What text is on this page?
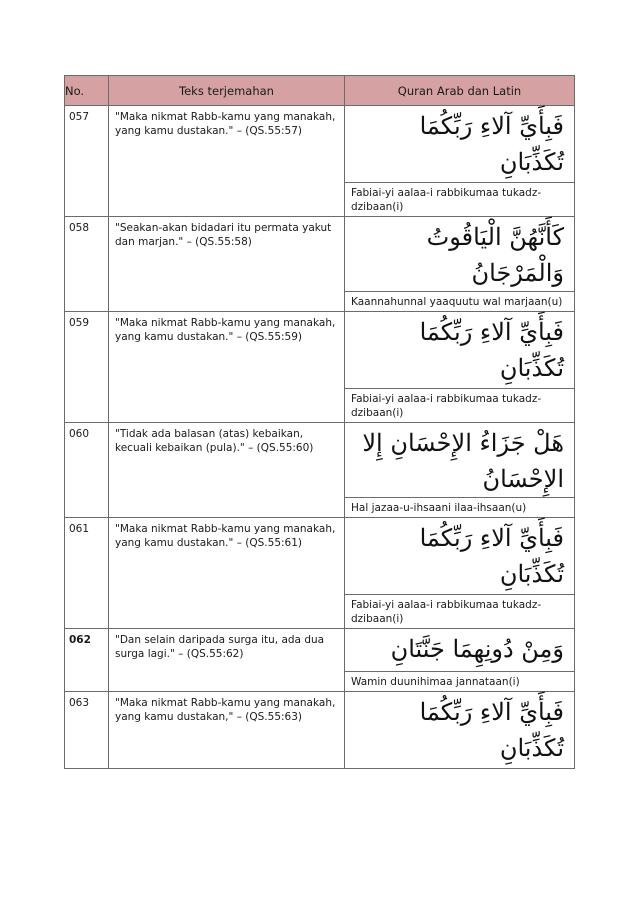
No.	Teks terjemahan	Quran Arab dan Latin
057	"Maka nikmat Rabb-kamu yang manakah, yang kamu dustakan." – (QS.55:57)	فَبِأَيِّ آلاءِ رَبِّكُمَا
تُكَذِّبَانِ

		Fabiai-yi aalaa-i rabbikumaa tukadz-dzibaan(i)
058	"Seakan-akan bidadari itu permata yakut dan marjan." – (QS.55:58)	كَأَنَّهُنَّ الْيَاقُوتُ
وَالْمَرْجَانُ

		Kaannahunnal yaaquutu wal marjaan(u)
059	"Maka nikmat Rabb-kamu yang manakah, yang kamu dustakan." – (QS.55:59)	فَبِأَيِّ آلاءِ رَبِّكُمَا
تُكَذِّبَانِ

		Fabiai-yi aalaa-i rabbikumaa tukadz-dzibaan(i)
060	"Tidak ada balasan (atas) kebaikan, kecuali kebaikan (pula)." – (QS.55:60)	هَلْ جَزَاءُ الإِحْسَانِ إِلا
الإِحْسَانُ

		Hal jazaa-u-ihsaani ilaa-ihsaan(u)
061	"Maka nikmat Rabb-kamu yang manakah, yang kamu dustakan." – (QS.55:61)	فَبِأَيِّ آلاءِ رَبِّكُمَا
تُكَذِّبَانِ

		Fabiai-yi aalaa-i rabbikumaa tukadz-dzibaan(i)
062	"Dan selain daripada surga itu, ada dua surga lagi." – (QS.55:62)	وَمِنْ دُونِهِمَا جَنَّتَانِ

		Wamin duunihimaa jannataan(i)
063	"Maka nikmat Rabb-kamu yang manakah, yang kamu dustakan," – (QS.55:63)	فَبِأَيِّ آلاءِ رَبِّكُمَا
تُكَذِّبَانِ
